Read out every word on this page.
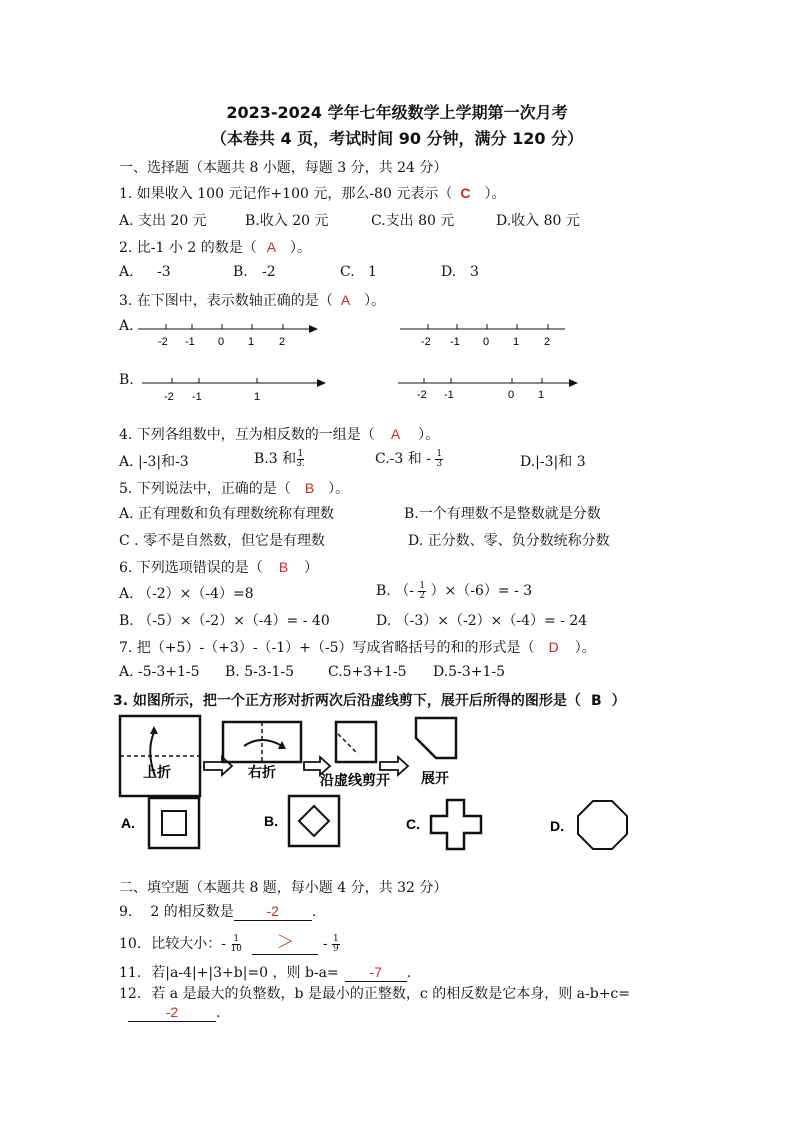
2023-2024 学年七年级数学上学期第一次月考
（本卷共 4 页，考试时间 90 分钟，满分 120 分）
一、选择题（本题共 8 小题，每题 3 分，共 24 分）
1. 如果收入 100 元记作+100 元，那么-80 元表示（ C ）。
A. 支出 20 元	B.收入 20 元	C.支出 80 元	D.收入 80 元
2. 比-1 小 2 的数是（ A ）。
A. -3	B. -2	C. 1	D. 3
3. 在下图中，表示数轴正确的是（ A ）。
A.
B.
-2 -1 0 1 2	-2 -1 0 1 2
-2 -1	1	-2 -1	0 1
4. 下列各组数中，互为相反数的一组是（ A ）。
A. |-3|和-3	B.3 和 $\frac{1}{3.}$	C.-3 和 - $\frac{1}{3}$	D.|-3|和 3
5. 下列说法中，正确的是（ B ）。
A. 正有理数和负有理数统称有理数	B.一个有理数不是整数就是分数
C . 零不是自然数，但它是有理数	D. 正分数、零、负分数统称分数
6. 下列选项错误的是（ B ）
A. （-2）×（-4）=8	B. （- $\frac{1}{2} )\times(-6)= - 3$
B. （-5）×（-2）×（-4）= - 40	D. （-3）×（-2）×（-4）= - 24
7. 把（+5）-（+3）-（-1）+（-5）写成省略括号的和的形式是（ D ）。
A. -5-3+1-5 B. 5-3-1-5 C.5+3+1-5 D.5-3+1-5
3. 如图所示，把一个正方形对折两次后沿虚线剪下，展开后所得的图形是（ B ）
上折	右折	沿虚线剪开 展开
A.	B.	C.	D.
二、填空题（本题共 8 题，每小题 4 分，共 32 分）
9. 2 的相反数是 -2 .
10. 比较大小：- $\frac{1}{10}$ ＞ - $\frac{1}{9}$
11. 若|a-4|+|3+b|=0 ，则 b-a= -7 .
12. 若 a 是最大的负整数，b 是最小的正整数，c 的相反数是它本身，则 a-b+c=
-2	.
